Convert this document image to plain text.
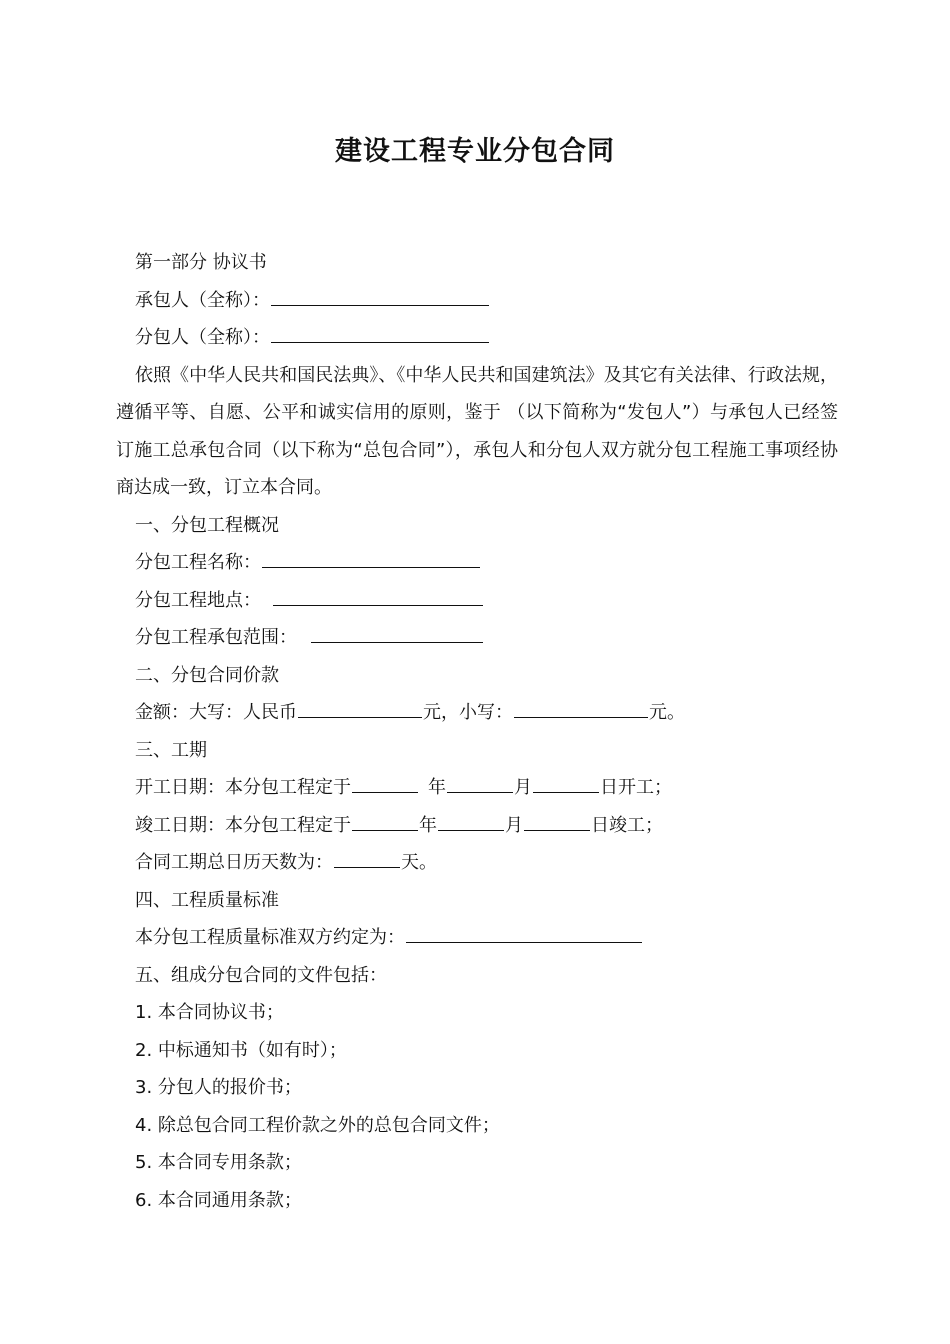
建设工程专业分包合同
第一部分 协议书
承包人（全称）：
分包人（全称）：
依照《中华人民共和国民法典》、《中华人民共和国建筑法》及其它有关法律、行政法规，遵循平等、自愿、公平和诚实信用的原则，鉴于 （以下简称为“发包人”）与承包人已经签订施工总承包合同（以下称为“总包合同”），承包人和分包人双方就分包工程施工事项经协商达成一致，订立本合同。
一、分包工程概况
分包工程名称：
分包工程地点：
分包工程承包范围：
二、分包合同价款
金额：大写：人民币	元，小写：	元。
三、工期
开工日期：本分包工程定于	年	月	日开工；
竣工日期：本分包工程定于	年	月	日竣工；
合同工期总日历天数为：	天。
四、工程质量标准
本分包工程质量标准双方约定为：
五、组成分包合同的文件包括：
1. 本合同协议书；
2. 中标通知书（如有时）；
3. 分包人的报价书；
4. 除总包合同工程价款之外的总包合同文件；
5. 本合同专用条款；
6. 本合同通用条款；
